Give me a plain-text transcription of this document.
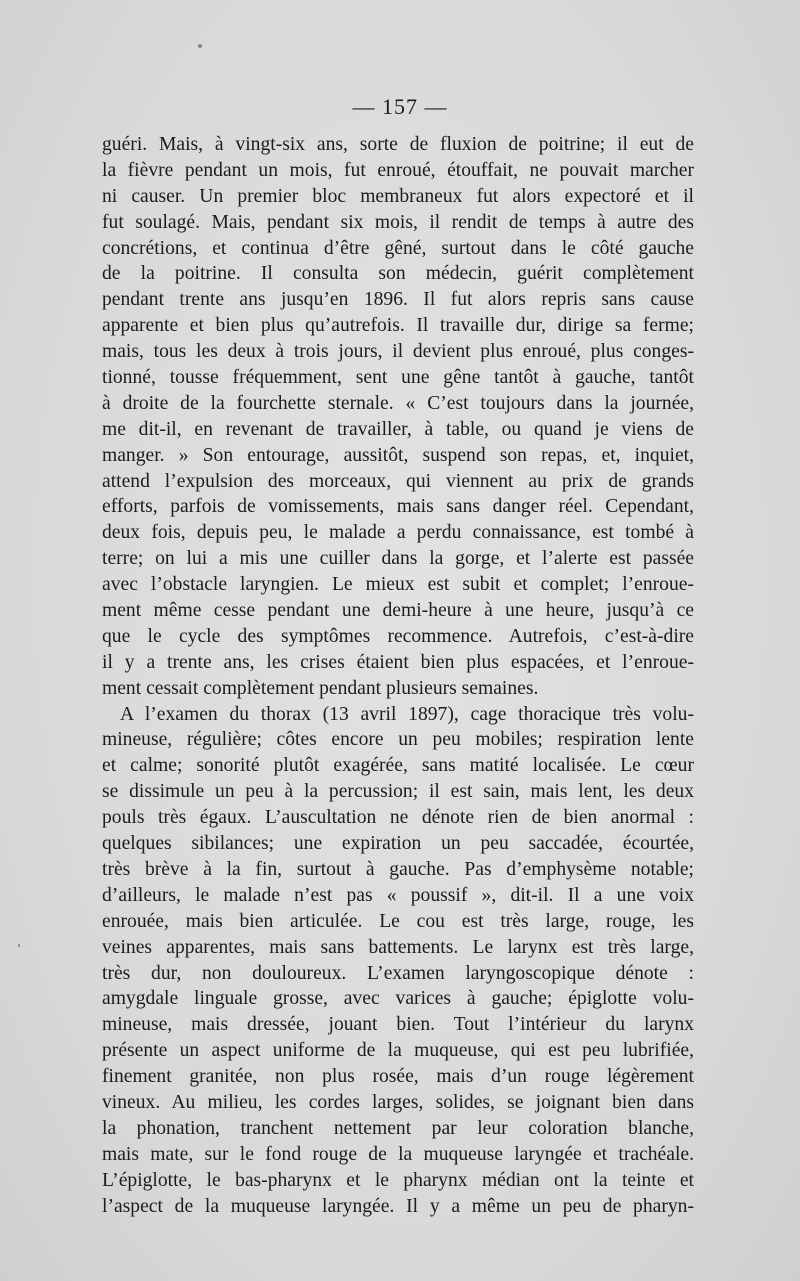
— 157 —
guéri. Mais, à vingt-six ans, sorte de fluxion de poitrine; il eut de
la fièvre pendant un mois, fut enroué, étouffait, ne pouvait marcher
ni causer. Un premier bloc membraneux fut alors expectoré et il
fut soulagé. Mais, pendant six mois, il rendit de temps à autre des
concrétions, et continua d’être gêné, surtout dans le côté gauche
de la poitrine. Il consulta son médecin, guérit complètement
pendant trente ans jusqu’en 1896. Il fut alors repris sans cause
apparente et bien plus qu’autrefois. Il travaille dur, dirige sa ferme;
mais, tous les deux à trois jours, il devient plus enroué, plus conges-
tionné, tousse fréquemment, sent une gêne tantôt à gauche, tantôt
à droite de la fourchette sternale. « C’est toujours dans la journée,
me dit-il, en revenant de travailler, à table, ou quand je viens de
manger. » Son entourage, aussitôt, suspend son repas, et, inquiet,
attend l’expulsion des morceaux, qui viennent au prix de grands
efforts, parfois de vomissements, mais sans danger réel. Cependant,
deux fois, depuis peu, le malade a perdu connaissance, est tombé à
terre; on lui a mis une cuiller dans la gorge, et l’alerte est passée
avec l’obstacle laryngien. Le mieux est subit et complet; l’enroue-
ment même cesse pendant une demi-heure à une heure, jusqu’à ce
que le cycle des symptômes recommence. Autrefois, c’est-à-dire
il y a trente ans, les crises étaient bien plus espacées, et l’enroue-
ment cessait complètement pendant plusieurs semaines.
A l’examen du thorax (13 avril 1897), cage thoracique très volu-
mineuse, régulière; côtes encore un peu mobiles; respiration lente
et calme; sonorité plutôt exagérée, sans matité localisée. Le cœur
se dissimule un peu à la percussion; il est sain, mais lent, les deux
pouls très égaux. L’auscultation ne dénote rien de bien anormal :
quelques sibilances; une expiration un peu saccadée, écourtée,
très brève à la fin, surtout à gauche. Pas d’emphysème notable;
d’ailleurs, le malade n’est pas « poussif », dit-il. Il a une voix
enrouée, mais bien articulée. Le cou est très large, rouge, les
veines apparentes, mais sans battements. Le larynx est très large,
très dur, non douloureux. L’examen laryngoscopique dénote :
amygdale linguale grosse, avec varices à gauche; épiglotte volu-
mineuse, mais dressée, jouant bien. Tout l’intérieur du larynx
présente un aspect uniforme de la muqueuse, qui est peu lubrifiée,
finement granitée, non plus rosée, mais d’un rouge légèrement
vineux. Au milieu, les cordes larges, solides, se joignant bien dans
la phonation, tranchent nettement par leur coloration blanche,
mais mate, sur le fond rouge de la muqueuse laryngée et trachéale.
L’épiglotte, le bas-pharynx et le pharynx médian ont la teinte et
l’aspect de la muqueuse laryngée. Il y a même un peu de pharyn-
